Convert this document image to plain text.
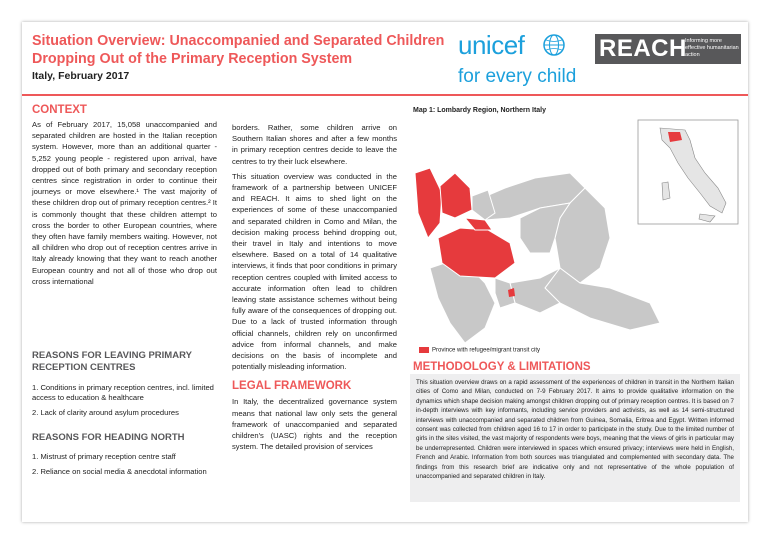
Situation Overview: Unaccompanied and Separated Children Dropping Out of the Primary Reception System
Italy, February 2017
unicef
for every child
REACH
Informing more effective humanitarian action
CONTEXT
As of February 2017, 15,058 unaccompanied and separated children are hosted in the Italian reception system. However, more than an additional quarter - 5,252 young people - registered upon arrival, have dropped out of both primary and secondary reception centres since registration in order to continue their journeys or move elsewhere.¹ The vast majority of these children drop out of primary reception centres.² It is commonly thought that these children attempt to cross the border to other European countries, where they often have family members waiting. However, not all children who drop out of reception centres arrive in Italy already knowing that they want to reach another European country and not all of those who drop out cross international
REASONS FOR LEAVING PRIMARY RECEPTION CENTRES
1. Conditions in primary reception centres, incl. limited access to education & healthcare
2. Lack of clarity around asylum procedures
REASONS FOR HEADING NORTH
1. Mistrust of primary reception centre staff
2. Reliance on social media & anecdotal information
borders. Rather, some children arrive on Southern Italian shores and after a few months in primary reception centres decide to leave the centres to try their luck elsewhere.
This situation overview was conducted in the framework of a partnership between UNICEF and REACH. It aims to shed light on the experiences of some of these unaccompanied and separated children in Como and Milan, the decision making process behind dropping out, their travel in Italy and intentions to move elsewhere. Based on a total of 14 qualitative interviews, it finds that poor conditions in primary reception centres coupled with limited access to accurate information often lead to children leaving state assistance schemes without being fully aware of the consequences of dropping out. Due to a lack of trusted information through official channels, children rely on unconfirmed advice from informal channels, and make decisions on the basis of incomplete and potentially misleading information.
LEGAL FRAMEWORK
In Italy, the decentralized governance system means that national law only sets the general framework of unaccompanied and separated children's (UASC) rights and the reception system. The detailed provision of services
Map 1: Lombardy Region, Northern Italy
Province with refugee/migrant transit city
METHODOLOGY & LIMITATIONS
This situation overview draws on a rapid assessment of the experiences of children in transit in the Northern Italian cities of Como and Milan, conducted on 7-9 February 2017. It aims to provide qualitative information on the dynamics which shape decision making amongst children dropping out of primary reception centres. It is based on 7 in-depth interviews with key informants, including service providers and activists, as well as 14 semi-structured interviews with unaccompanied and separated children from Guinea, Somalia, Eritrea and Egypt. Written informed consent was collected from children aged 16 to 17 in order to participate in the study. Due to the limited number of girls in the sites visited, the vast majority of respondents were boys, meaning that the views of girls in particular may be underrepresented. Children were interviewed in spaces which ensured privacy; interviews were held in English, French and Arabic. Information from both sources was triangulated and complemented with secondary data. The findings from this research brief are indicative only and not representative of the whole population of unaccompanied and separated children in Italy.
